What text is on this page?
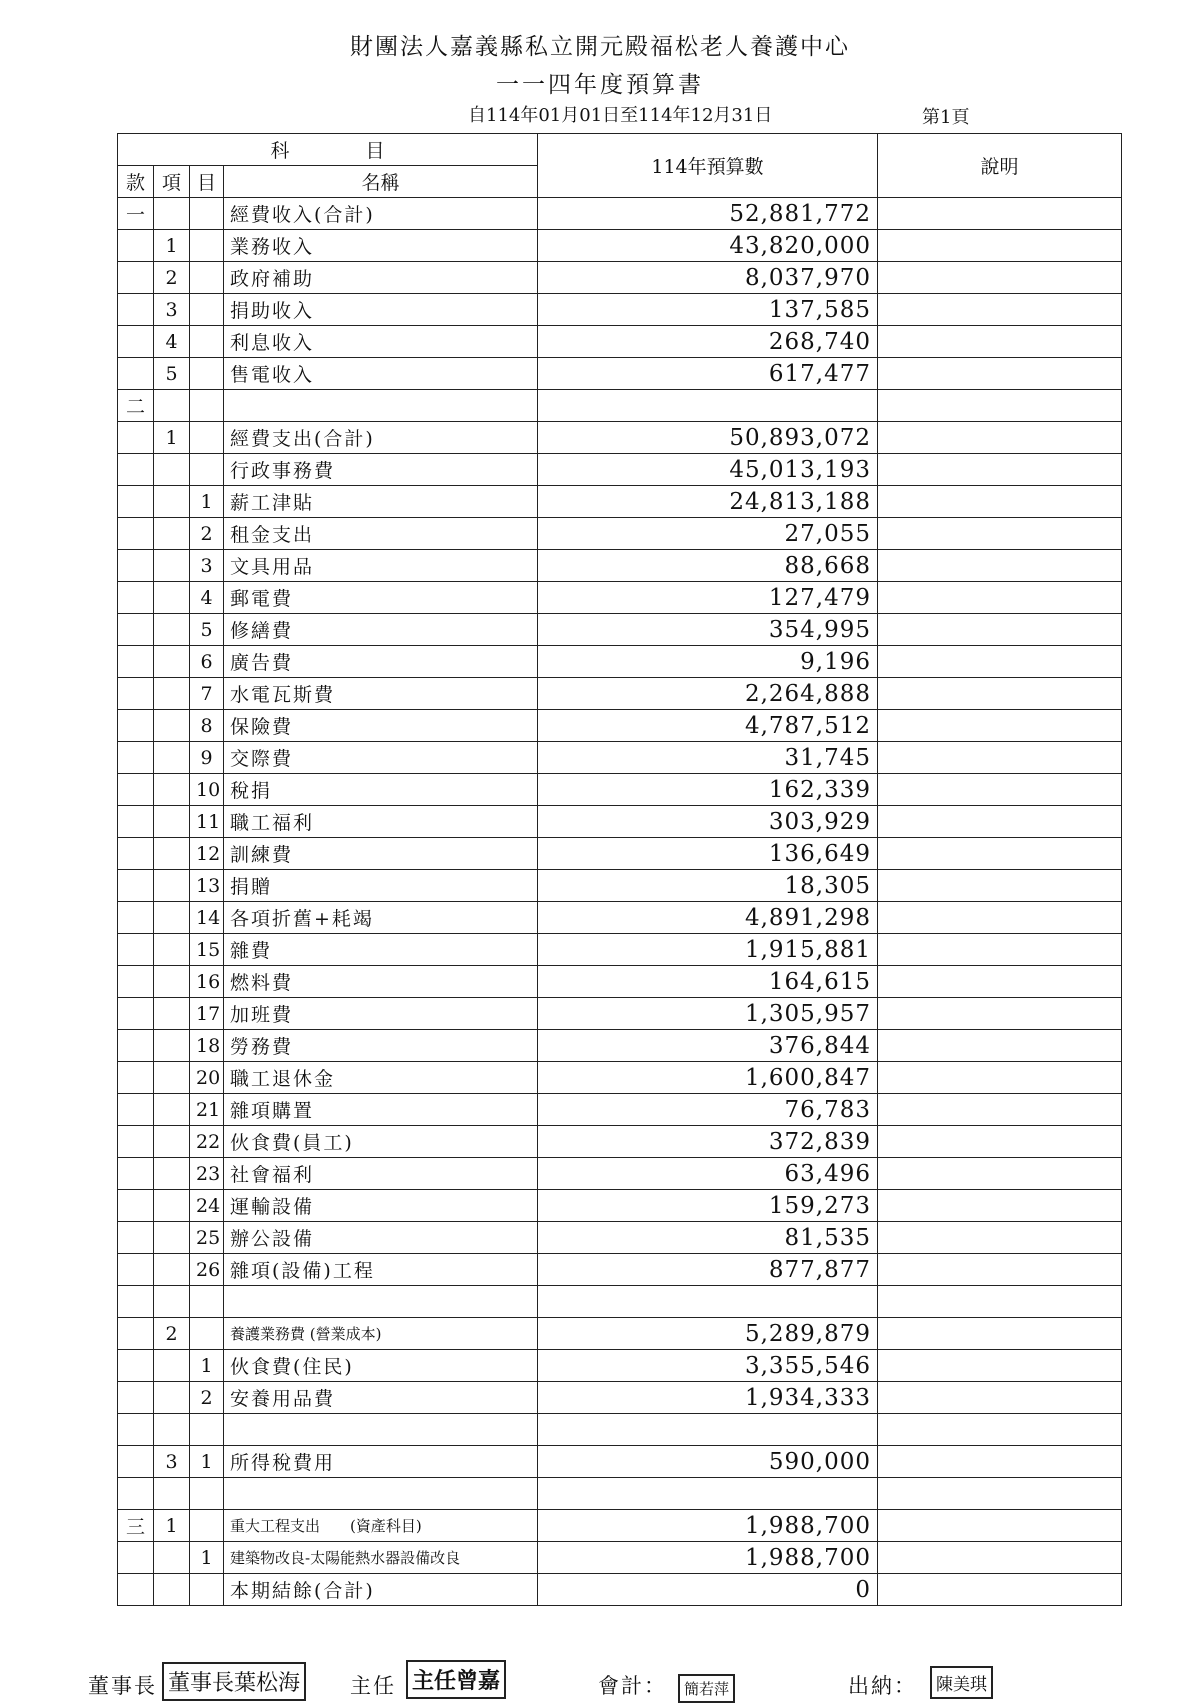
財團法人嘉義縣私立開元殿福松老人養護中心
一一四年度預算書
自114年01月01日至114年12月31日	第1頁
科　　　　目				114年預算數	說明
款	項	目	名稱		
一			經費收入(合計)	52,881,772	
	1		業務收入	43,820,000	
	2		政府補助	8,037,970	
	3		捐助收入	137,585	
	4		利息收入	268,740	
	5		售電收入	617,477	
二					
	1		經費支出(合計)	50,893,072	
			行政事務費	45,013,193	
		1	薪工津貼	24,813,188	
		2	租金支出	27,055	
		3	文具用品	88,668	
		4	郵電費	127,479	
		5	修繕費	354,995	
		6	廣告費	9,196	
		7	水電瓦斯費	2,264,888	
		8	保險費	4,787,512	
		9	交際費	31,745	
		10	稅捐	162,339	
		11	職工福利	303,929	
		12	訓練費	136,649	
		13	捐贈	18,305	
		14	各項折舊+耗竭	4,891,298	
		15	雜費	1,915,881	
		16	燃料費	164,615	
		17	加班費	1,305,957	
		18	勞務費	376,844	
		20	職工退休金	1,600,847	
		21	雜項購置	76,783	
		22	伙食費(員工)	372,839	
		23	社會福利	63,496	
		24	運輸設備	159,273	
		25	辦公設備	81,535	
		26	雜項(設備)工程	877,877	

	2		養護業務費 (營業成本)	5,289,879	
		1	伙食費(住民)	3,355,546	
		2	安養用品費	1,934,333	

	3	1	所得稅費用	590,000	

三	1		重大工程支出　　(資產科目)	1,988,700	
		1	建築物改良-太陽能熱水器設備改良	1,988,700	
			本期結餘(合計)	0	
董事長 董事長葉松海 主任 主任曾嘉	會計：	簡若萍	出納：	陳美琪
